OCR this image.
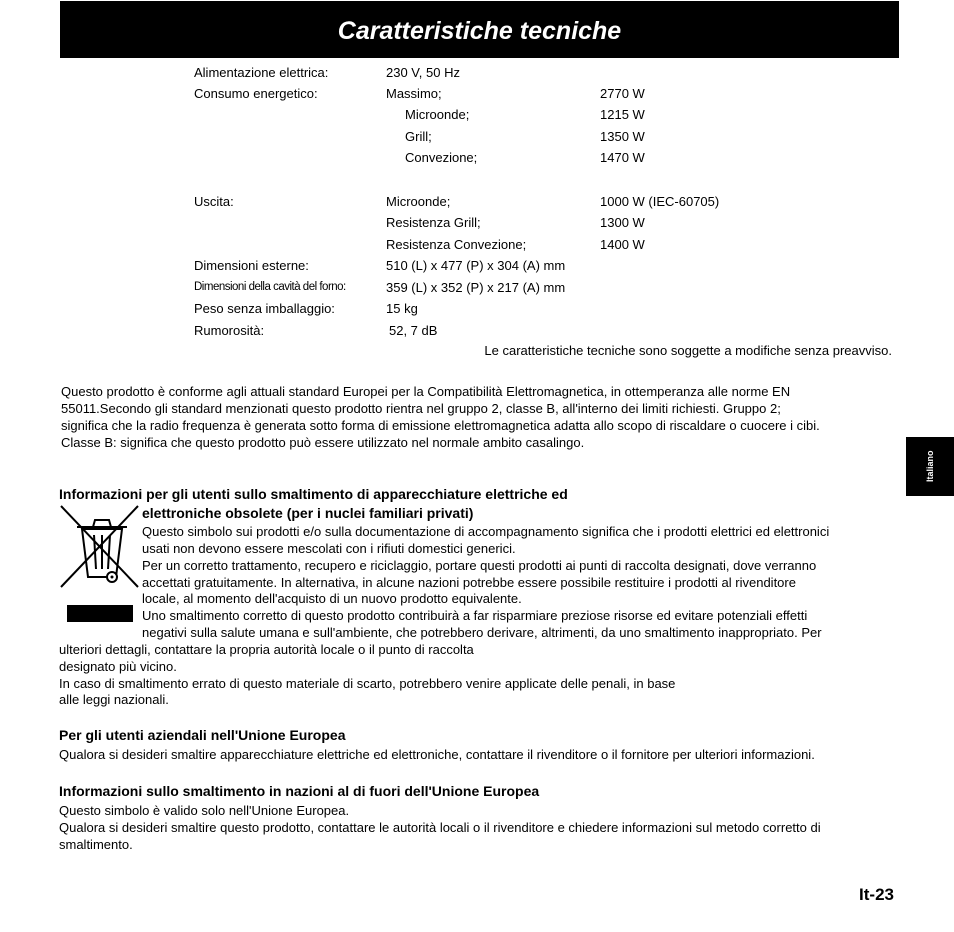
Caratteristiche tecniche
Alimentazione elettrica:	230 V, 50 Hz
Consumo energetico:	Massimo;	2770 W
Microonde;	1215 W
Grill;	1350 W
Convezione;	1470 W
Uscita:	Microonde;	1000 W (IEC-60705)
Resistenza Grill;	1300 W
Resistenza Convezione;	1400 W
Dimensioni esterne:	510 (L) x 477 (P) x 304 (A) mm
Dimensioni della cavità del forno:	359 (L) x 352 (P) x 217 (A) mm
Peso senza imballaggio:	15 kg
Rumorosità:	52, 7 dB
Le caratteristiche tecniche sono soggette a modifiche senza preavviso.
Questo prodotto è conforme agli attuali standard Europei per la Compatibilità Elettromagnetica, in ottemperanza alle norme EN
55011.Secondo gli standard menzionati questo prodotto rientra nel gruppo 2, classe B, all'interno dei limiti richiesti. Gruppo 2;
significa che la radio frequenza è generata sotto forma di emissione elettromagnetica adatta allo scopo di riscaldare o cuocere i cibi.
Classe B: significa che questo prodotto può essere utilizzato nel normale ambito casalingo.
Italiano
Informazioni per gli utenti sullo smaltimento di apparecchiature elettriche ed
elettroniche obsolete (per i nuclei familiari privati)
Questo simbolo sui prodotti e/o sulla documentazione di accompagnamento significa che i prodotti elettrici ed elettronici
usati non devono essere mescolati con i rifiuti domestici generici.
Per un corretto trattamento, recupero e riciclaggio, portare questi prodotti ai punti di raccolta designati, dove verranno
accettati gratuitamente. In alternativa, in alcune nazioni potrebbe essere possibile restituire i prodotti al rivenditore
locale, al momento dell'acquisto di un nuovo prodotto equivalente.
Uno smaltimento corretto di questo prodotto contribuirà a far risparmiare preziose risorse ed evitare potenziali effetti
negativi sulla salute umana e sull'ambiente, che potrebbero derivare, altrimenti, da uno smaltimento inappropriato. Per
ulteriori dettagli, contattare la propria autorità locale o il punto di raccolta
designato più vicino.
In caso di smaltimento errato di questo materiale di scarto, potrebbero venire applicate delle penali, in base
alle leggi nazionali.
Per gli utenti aziendali nell'Unione Europea
Qualora si desideri smaltire apparecchiature elettriche ed elettroniche, contattare il rivenditore o il fornitore per ulteriori informazioni.
Informazioni sullo smaltimento in nazioni al di fuori dell'Unione Europea
Questo simbolo è valido solo nell'Unione Europea.
Qualora si desideri smaltire questo prodotto, contattare le autorità locali o il rivenditore e chiedere informazioni sul metodo corretto di
smaltimento.
It-23
